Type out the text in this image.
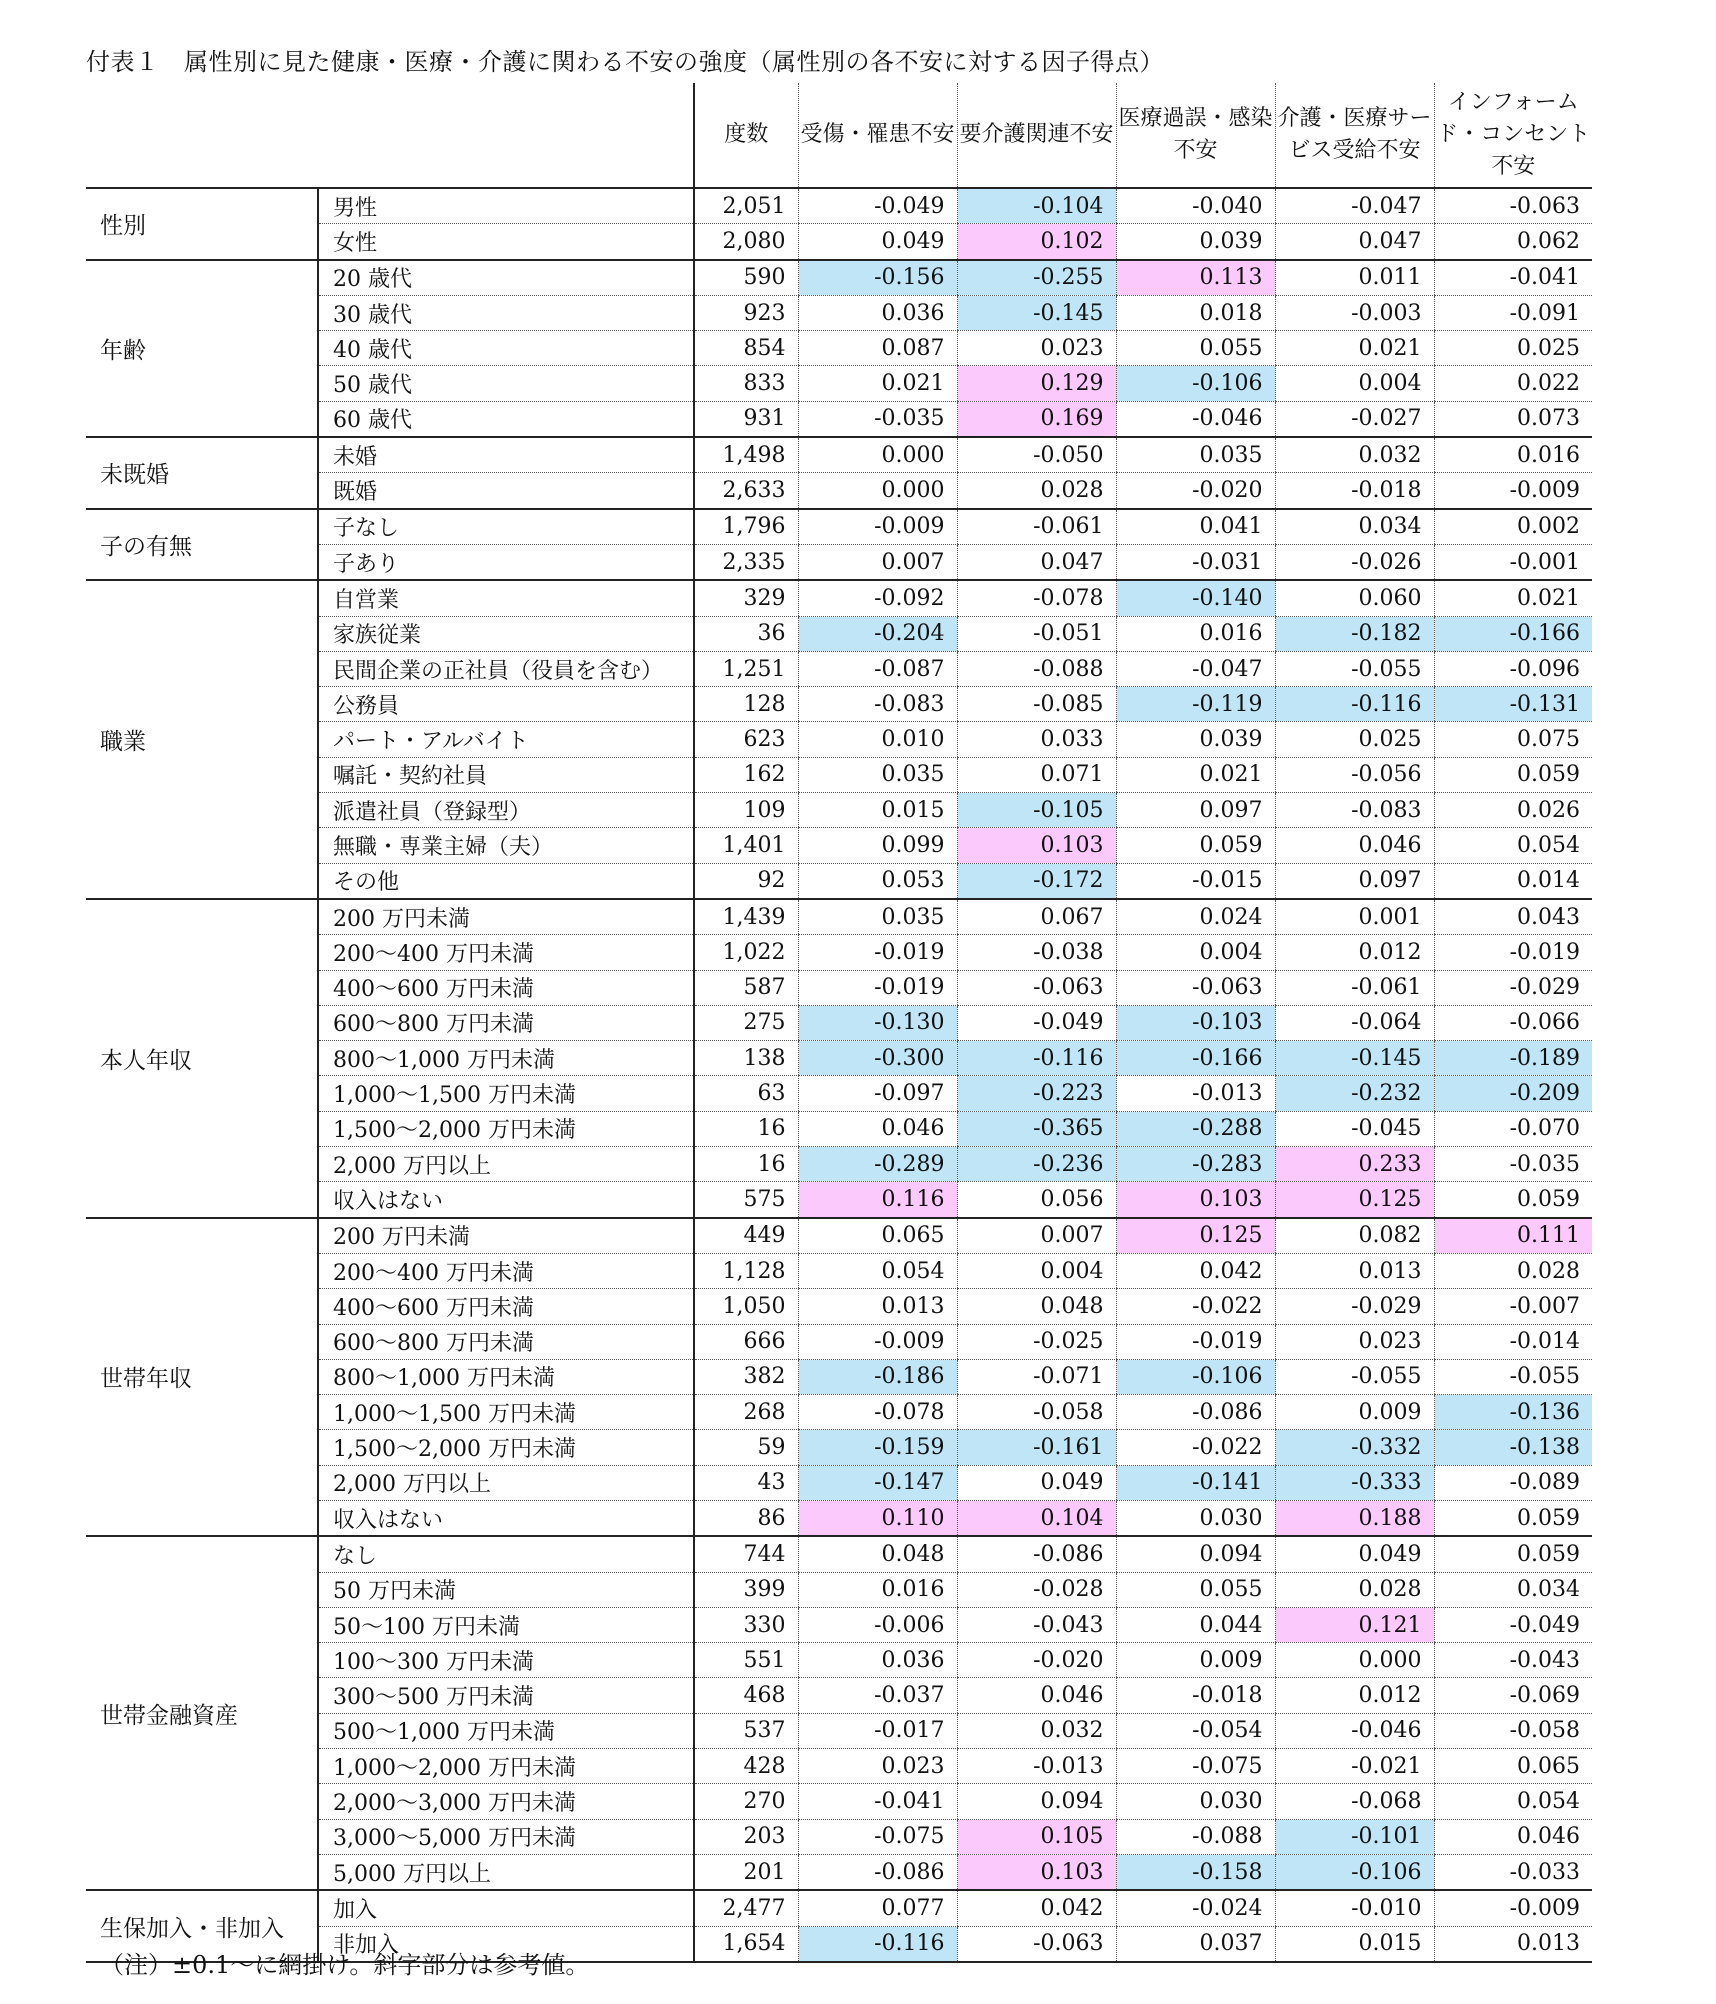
付表１　属性別に見た健康・医療・介護に関わる不安の強度（属性別の各不安に対する因子得点）
		度数	受傷・罹患不安	要介護関連不安	医療過誤・感染不安	介護・医療サービス受給不安	インフォームド・コンセント不安
性別	男性	2,051	-0.049	-0.104	-0.040	-0.047	-0.063
	女性	2,080	0.049	0.102	0.039	0.047	0.062
年齢	20 歳代	590	-0.156	-0.255	0.113	0.011	-0.041
	30 歳代	923	0.036	-0.145	0.018	-0.003	-0.091
	40 歳代	854	0.087	0.023	0.055	0.021	0.025
	50 歳代	833	0.021	0.129	-0.106	0.004	0.022
	60 歳代	931	-0.035	0.169	-0.046	-0.027	0.073
未既婚	未婚	1,498	0.000	-0.050	0.035	0.032	0.016
	既婚	2,633	0.000	0.028	-0.020	-0.018	-0.009
子の有無	子なし	1,796	-0.009	-0.061	0.041	0.034	0.002
	子あり	2,335	0.007	0.047	-0.031	-0.026	-0.001
職業	自営業	329	-0.092	-0.078	-0.140	0.060	0.021
	家族従業	36	-0.204	-0.051	0.016	-0.182	-0.166
	民間企業の正社員（役員を含む）	1,251	-0.087	-0.088	-0.047	-0.055	-0.096
	公務員	128	-0.083	-0.085	-0.119	-0.116	-0.131
	パート・アルバイト	623	0.010	0.033	0.039	0.025	0.075
	嘱託・契約社員	162	0.035	0.071	0.021	-0.056	0.059
	派遣社員（登録型）	109	0.015	-0.105	0.097	-0.083	0.026
	無職・専業主婦（夫）	1,401	0.099	0.103	0.059	0.046	0.054
	その他	92	0.053	-0.172	-0.015	0.097	0.014
本人年収	200 万円未満	1,439	0.035	0.067	0.024	0.001	0.043
	200～400 万円未満	1,022	-0.019	-0.038	0.004	0.012	-0.019
	400～600 万円未満	587	-0.019	-0.063	-0.063	-0.061	-0.029
	600～800 万円未満	275	-0.130	-0.049	-0.103	-0.064	-0.066
	800～1,000 万円未満	138	-0.300	-0.116	-0.166	-0.145	-0.189
	1,000～1,500 万円未満	63	-0.097	-0.223	-0.013	-0.232	-0.209
	1,500～2,000 万円未満	16	0.046	-0.365	-0.288	-0.045	-0.070
	2,000 万円以上	16	-0.289	-0.236	-0.283	0.233	-0.035
	収入はない	575	0.116	0.056	0.103	0.125	0.059
世帯年収	200 万円未満	449	0.065	0.007	0.125	0.082	0.111
	200～400 万円未満	1,128	0.054	0.004	0.042	0.013	0.028
	400～600 万円未満	1,050	0.013	0.048	-0.022	-0.029	-0.007
	600～800 万円未満	666	-0.009	-0.025	-0.019	0.023	-0.014
	800～1,000 万円未満	382	-0.186	-0.071	-0.106	-0.055	-0.055
	1,000～1,500 万円未満	268	-0.078	-0.058	-0.086	0.009	-0.136
	1,500～2,000 万円未満	59	-0.159	-0.161	-0.022	-0.332	-0.138
	2,000 万円以上	43	-0.147	0.049	-0.141	-0.333	-0.089
	収入はない	86	0.110	0.104	0.030	0.188	0.059
世帯金融資産	なし	744	0.048	-0.086	0.094	0.049	0.059
	50 万円未満	399	0.016	-0.028	0.055	0.028	0.034
	50～100 万円未満	330	-0.006	-0.043	0.044	0.121	-0.049
	100～300 万円未満	551	0.036	-0.020	0.009	0.000	-0.043
	300～500 万円未満	468	-0.037	0.046	-0.018	0.012	-0.069
	500～1,000 万円未満	537	-0.017	0.032	-0.054	-0.046	-0.058
	1,000～2,000 万円未満	428	0.023	-0.013	-0.075	-0.021	0.065
	2,000～3,000 万円未満	270	-0.041	0.094	0.030	-0.068	0.054
	3,000～5,000 万円未満	203	-0.075	0.105	-0.088	-0.101	0.046
	5,000 万円以上	201	-0.086	0.103	-0.158	-0.106	-0.033
生保加入・非加入	加入	2,477	0.077	0.042	-0.024	-0.010	-0.009
	非加入	1,654	-0.116	-0.063	0.037	0.015	0.013
（注）±0.1～に網掛け。斜字部分は参考値。
